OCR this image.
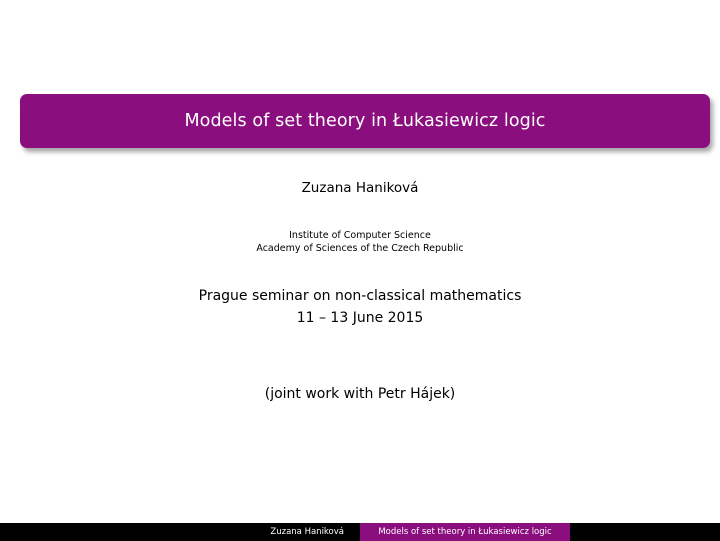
Models of set theory in Łukasiewicz logic
Zuzana Haniková
Institute of Computer Science
Academy of Sciences of the Czech Republic
Prague seminar on non-classical mathematics
11 – 13 June 2015
(joint work with Petr Hájek)
Zuzana Haniková	Models of set theory in Łukasiewicz logic
